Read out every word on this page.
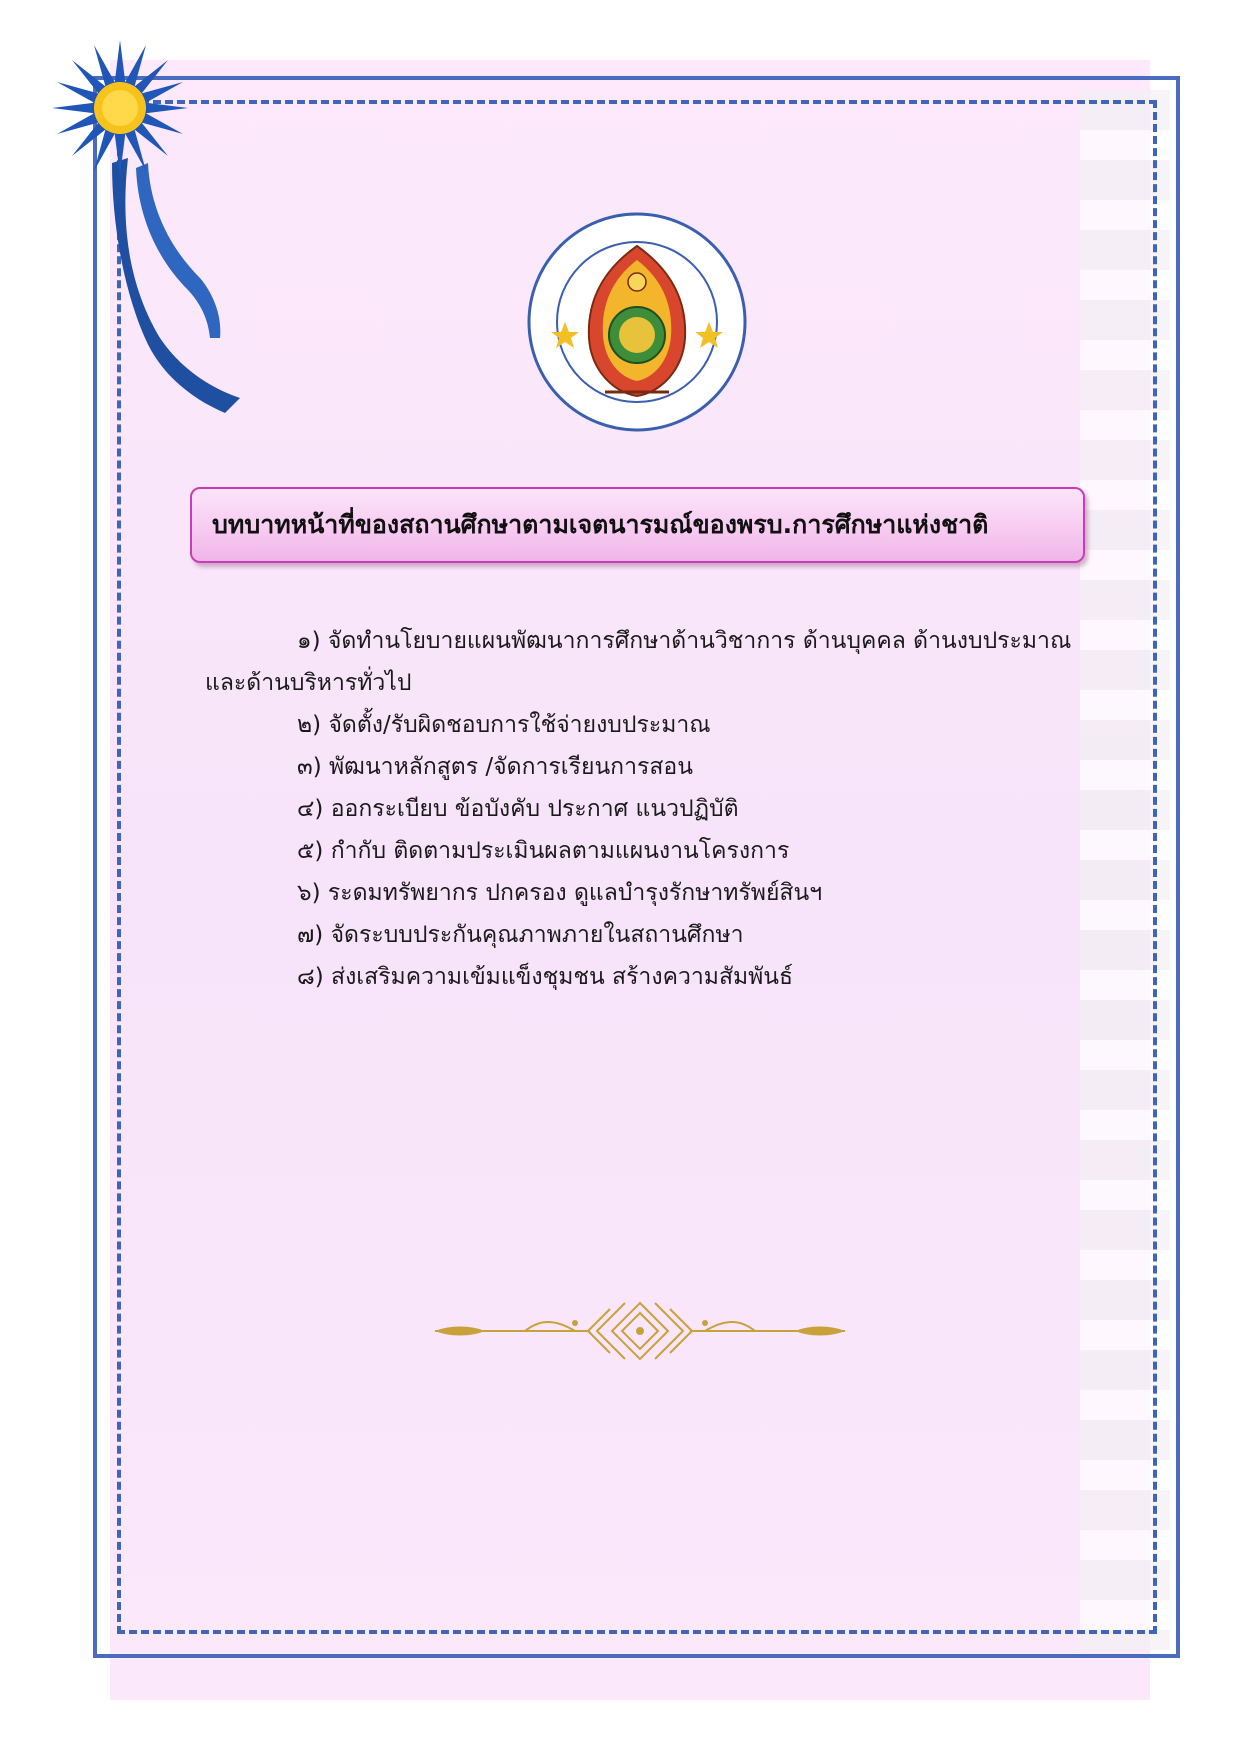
บทบาทหน้าที่ของสถานศึกษาตามเจตนารมณ์ของพรบ.การศึกษาแห่งชาติ

๑) จัดทำนโยบายแผนพัฒนาการศึกษาด้านวิชาการ ด้านบุคคล ด้านงบประมาณ

และด้านบริหารทั่วไป

๒) จัดตั้ง/รับผิดชอบการใช้จ่ายงบประมาณ

๓) พัฒนาหลักสูตร /จัดการเรียนการสอน

๔) ออกระเบียบ ข้อบังคับ ประกาศ แนวปฏิบัติ

๕) กำกับ ติดตามประเมินผลตามแผนงานโครงการ

๖) ระดมทรัพยากร ปกครอง ดูแลบำรุงรักษาทรัพย์สินฯ

๗) จัดระบบประกันคุณภาพภายในสถานศึกษา

๘) ส่งเสริมความเข้มแข็งชุมชน สร้างความสัมพันธ์
